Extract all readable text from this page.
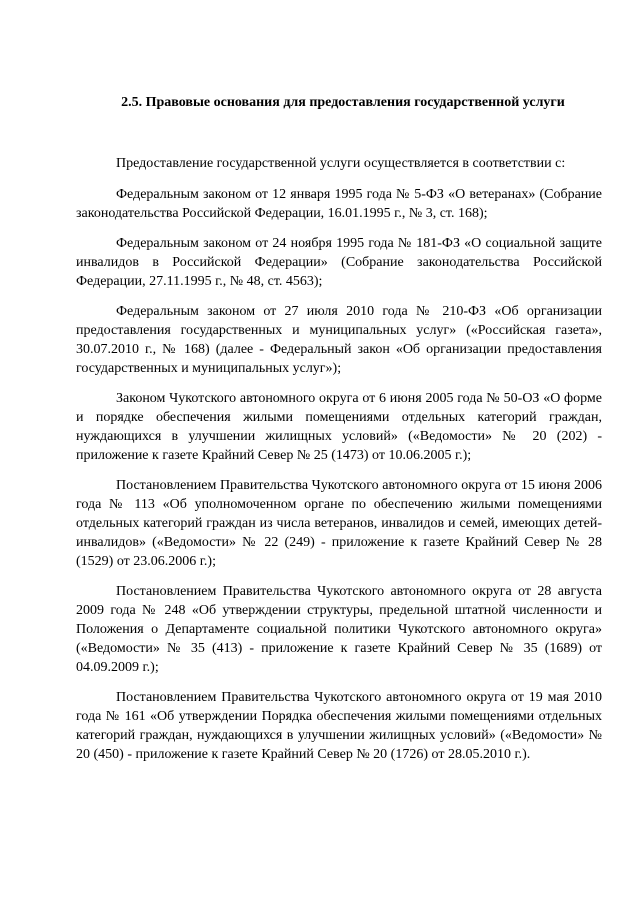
2.5. Правовые основания для предоставления государственной услуги

Предоставление государственной услуги осуществляется в соответствии с:

Федеральным законом от 12 января 1995 года № 5-ФЗ «О ветеранах» (Собрание законодательства Российской Федерации, 16.01.1995 г., № 3, ст. 168);

Федеральным законом от 24 ноября 1995 года № 181-ФЗ «О социальной защите инвалидов в Российской Федерации» (Собрание законодательства Российской Федерации, 27.11.1995 г., № 48, ст. 4563);

Федеральным законом от 27 июля 2010 года № 210-ФЗ «Об организации предоставления государственных и муниципальных услуг» («Российская газета», 30.07.2010 г., № 168) (далее - Федеральный закон «Об организации предоставления государственных и муниципальных услуг»);

Законом Чукотского автономного округа от 6 июня 2005 года № 50-ОЗ «О форме и порядке обеспечения жилыми помещениями отдельных категорий граждан, нуждающихся в улучшении жилищных условий» («Ведомости» № 20 (202) - приложение к газете Крайний Север № 25 (1473) от 10.06.2005 г.);

Постановлением Правительства Чукотского автономного округа от 15 июня 2006 года № 113 «Об уполномоченном органе по обеспечению жилыми помещениями отдельных категорий граждан из числа ветеранов, инвалидов и семей, имеющих детей-инвалидов» («Ведомости» № 22 (249) - приложение к газете Крайний Север № 28 (1529) от 23.06.2006 г.);

Постановлением Правительства Чукотского автономного округа от 28 августа 2009 года № 248 «Об утверждении структуры, предельной штатной численности и Положения о Департаменте социальной политики Чукотского автономного округа» («Ведомости» № 35 (413) - приложение к газете Крайний Север № 35 (1689) от 04.09.2009 г.);

Постановлением Правительства Чукотского автономного округа от 19 мая 2010 года № 161 «Об утверждении Порядка обеспечения жилыми помещениями отдельных категорий граждан, нуждающихся в улучшении жилищных условий» («Ведомости» № 20 (450) - приложение к газете Крайний Север № 20 (1726) от 28.05.2010 г.).
